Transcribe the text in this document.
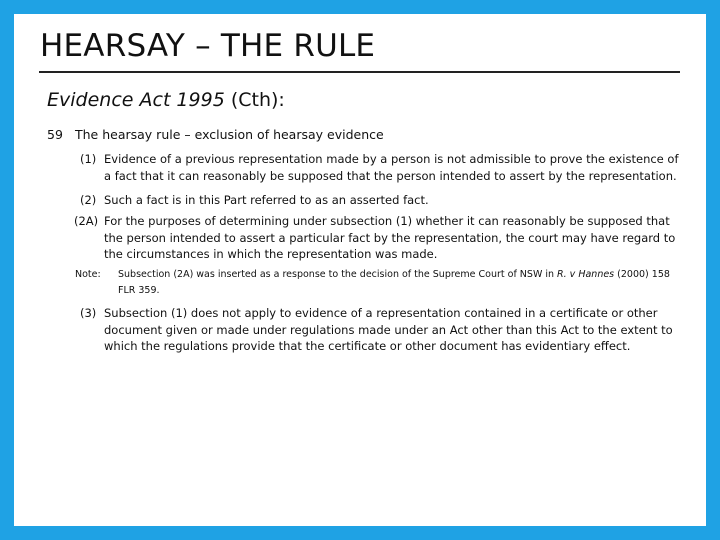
HEARSAY – THE RULE
Evidence Act 1995 (Cth):
59 The hearsay rule – exclusion of hearsay evidence
(1) Evidence of a previous representation made by a person is not admissible to prove the existence of a fact that it can reasonably be supposed that the person intended to assert by the representation.
(2) Such a fact is in this Part referred to as an asserted fact.
(2A) For the purposes of determining under subsection (1) whether it can reasonably be supposed that the person intended to assert a particular fact by the representation, the court may have regard to the circumstances in which the representation was made.
Note: Subsection (2A) was inserted as a response to the decision of the Supreme Court of NSW in R. v Hannes (2000) 158 FLR 359.
(3) Subsection (1) does not apply to evidence of a representation contained in a certificate or other document given or made under regulations made under an Act other than this Act to the extent to which the regulations provide that the certificate or other document has evidentiary effect.
